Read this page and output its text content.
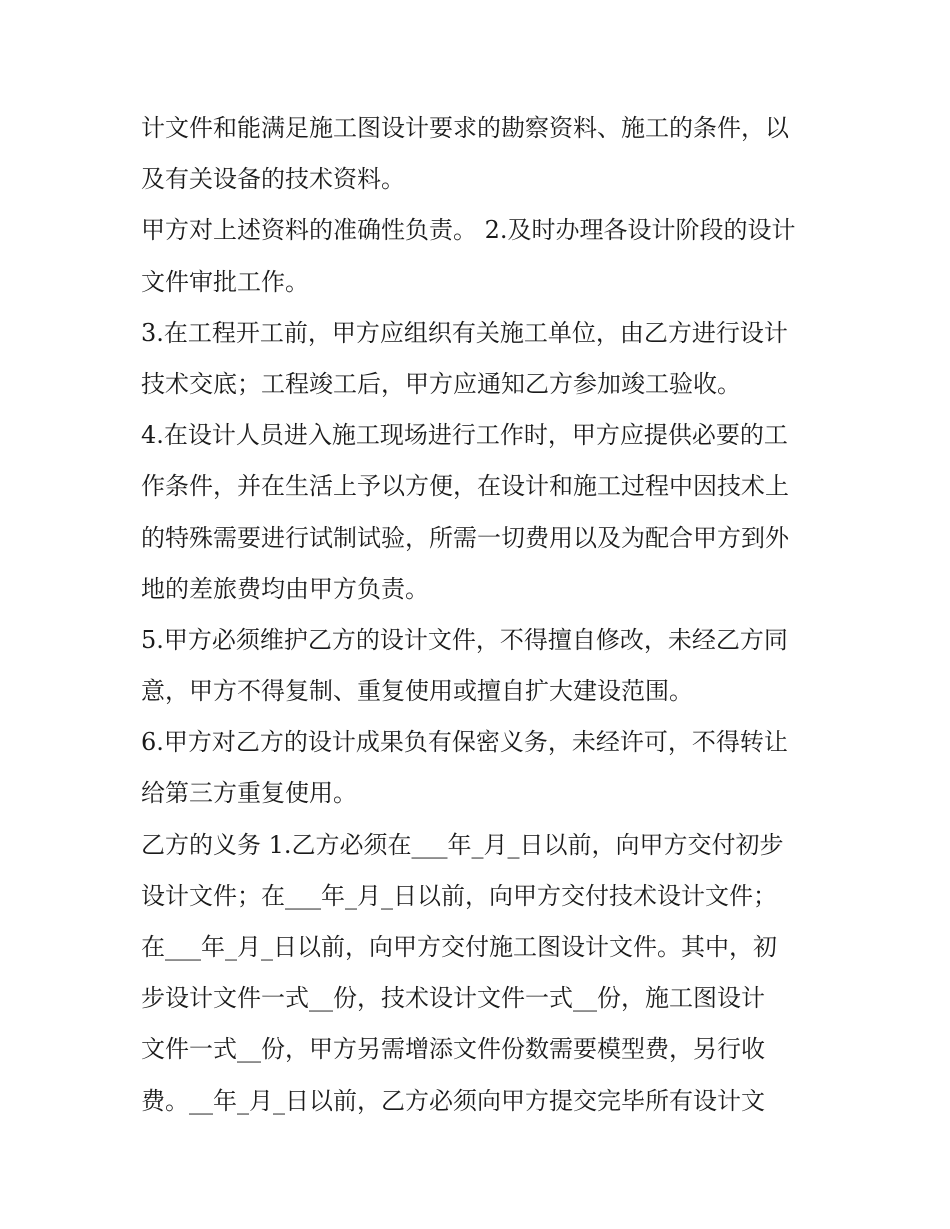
计文件和能满足施工图设计要求的勘察资料、施工的条件，以
及有关设备的技术资料。
甲方对上述资料的准确性负责。 2.及时办理各设计阶段的设计
文件审批工作。
3.在工程开工前，甲方应组织有关施工单位，由乙方进行设计
技术交底；工程竣工后，甲方应通知乙方参加竣工验收。
4.在设计人员进入施工现场进行工作时，甲方应提供必要的工
作条件，并在生活上予以方便，在设计和施工过程中因技术上
的特殊需要进行试制试验，所需一切费用以及为配合甲方到外
地的差旅费均由甲方负责。
5.甲方必须维护乙方的设计文件，不得擅自修改，未经乙方同
意，甲方不得复制、重复使用或擅自扩大建设范围。
6.甲方对乙方的设计成果负有保密义务，未经许可，不得转让
给第三方重复使用。
乙方的义务 1.乙方必须在___年_月_日以前，向甲方交付初步
设计文件；在___年_月_日以前，向甲方交付技术设计文件；
在___年_月_日以前，向甲方交付施工图设计文件。其中，初
步设计文件一式__份，技术设计文件一式__份，施工图设计
文件一式__份，甲方另需增添文件份数需要模型费，另行收
费。__年_月_日以前，乙方必须向甲方提交完毕所有设计文
